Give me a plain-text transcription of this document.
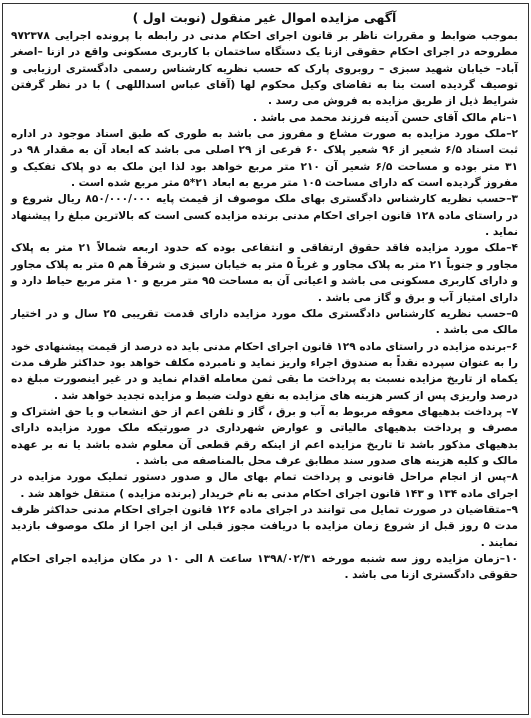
آگهی مزایده اموال غیر منقول (نوبت اول )

بموجب ضوابط و مقررات ناظر بر قانون اجرای احکام مدنی در رابطه با پرونده اجرایی ۹۷۲۳۷۸ مطروحه در اجرای احکام حقوقی ازنا یک دستگاه ساختمان با کاربری مسکونی واقع در ازنا –اصغر آباد– خیابان شهید سبزی – روبروی پارک که حسب نظریه کارشناس رسمی دادگستری ارزیابی و توصیف گردیده است بنا به تقاضای وکیل محکوم لها (آقای عباس اسداللهی ) با در نظر گرفتن شرایط ذیل از طریق مزایده به فروش می رسد .

۱–نام مالک آقای حسن آدینه فرزند محمد می باشد .

۲–ملک مورد مزایده به صورت مشاع و مفروز می باشد به طوری که طبق اسناد موجود در اداره ثبت اسناد ۶/۵ شعیر از ۹۶ شعیر پلاک ۶۰ فرعی از ۲۹ اصلی می باشد که ابعاد آن به مقدار ۹۸ در ۳۱ متر بوده و مساحت ۶/۵ شعیر آن ۲۱۰ متر مربع خواهد بود لذا این ملک به دو پلاک تفکیک و مفروز گردیده است که دارای مساحت ۱۰۵ متر مربع به ابعاد ۲۱*۵ متر مربع شده است .

۳–حسب نظریه کارشناس دادگستری بهای ملک موصوف از قیمت پایه ۸۵۰/۰۰۰/۰۰۰ ریال شروع و در راستای ماده ۱۲۸ قانون اجرای احکام مدنی برنده مزایده کسی است که بالاترین مبلغ را پیشنهاد نماید .

۴–ملک مورد مزایده فاقد حقوق ارتفاقی و انتفاعی بوده که حدود اربعه شمالاً ۲۱ متر به پلاک مجاور و جنوباً ۲۱ متر به پلاک مجاور و غرباً ۵ متر به خیابان سبزی و شرقاً هم ۵ متر به پلاک مجاور و دارای کاربری مسکونی می باشد و اعیانی آن به مساحت ۹۵ متر مربع و ۱۰ متر مربع حیاط دارد و دارای امتیاز آب و برق و گاز می باشد .

۵–حسب نظریه کارشناس دادگستری ملک مورد مزایده دارای قدمت تقریبی ۲۵ سال و در اختیار مالک می باشد .

۶–برنده مزایده در راستای ماده ۱۲۹ قانون اجرای احکام مدنی باید ده درصد از قیمت پیشنهادی خود را به عنوان سپرده نقداً به صندوق اجراء واریز نماید و نامبرده مکلف خواهد بود حداکثر ظرف مدت یکماه از تاریخ مزایده نسبت به پرداخت ما بقی ثمن معامله اقدام نماید و در غیر اینصورت مبلغ ده درصد واریزی پس از کسر هزینه های مزایده به نفع دولت ضبط و مزایده تجدید خواهد شد .

۷– پرداخت بدهیهای معوقه مربوط به آب و برق ، گاز و تلفن اعم از حق انشعاب و یا حق اشتراک و مصرف و پرداخت بدهیهای مالیاتی و عوارض شهرداری در صورتیکه ملک مورد مزایده دارای بدهیهای مذکور باشد تا تاریخ مزایده اعم از اینکه رقم قطعی آن معلوم شده باشد یا نه بر عهده مالک و کلیه هزینه های صدور سند مطابق عرف محل بالمناصفه می باشد .

۸–پس از انجام مراحل قانونی و پرداخت تمام بهای مال و صدور دستور تملیک مورد مزایده در اجرای ماده ۱۳۴ و ۱۴۳ قانون اجرای احکام مدنی به نام خریدار (برنده مزایده ) منتقل خواهد شد .

۹–متقاضیان در صورت تمایل می توانند در اجرای ماده ۱۲۶ قانون اجرای احکام مدنی حداکثر ظرف مدت ۵ روز قبل از شروع زمان مزایده با دریافت مجوز قبلی از این اجرا از ملک موصوف بازدید نمایند .

۱۰–زمان مزایده روز سه شنبه مورخه ۱۳۹۸/۰۲/۳۱ ساعت ۸ الی ۱۰ در مکان مزایده اجرای احکام حقوقی دادگستری ازنا می باشد .
